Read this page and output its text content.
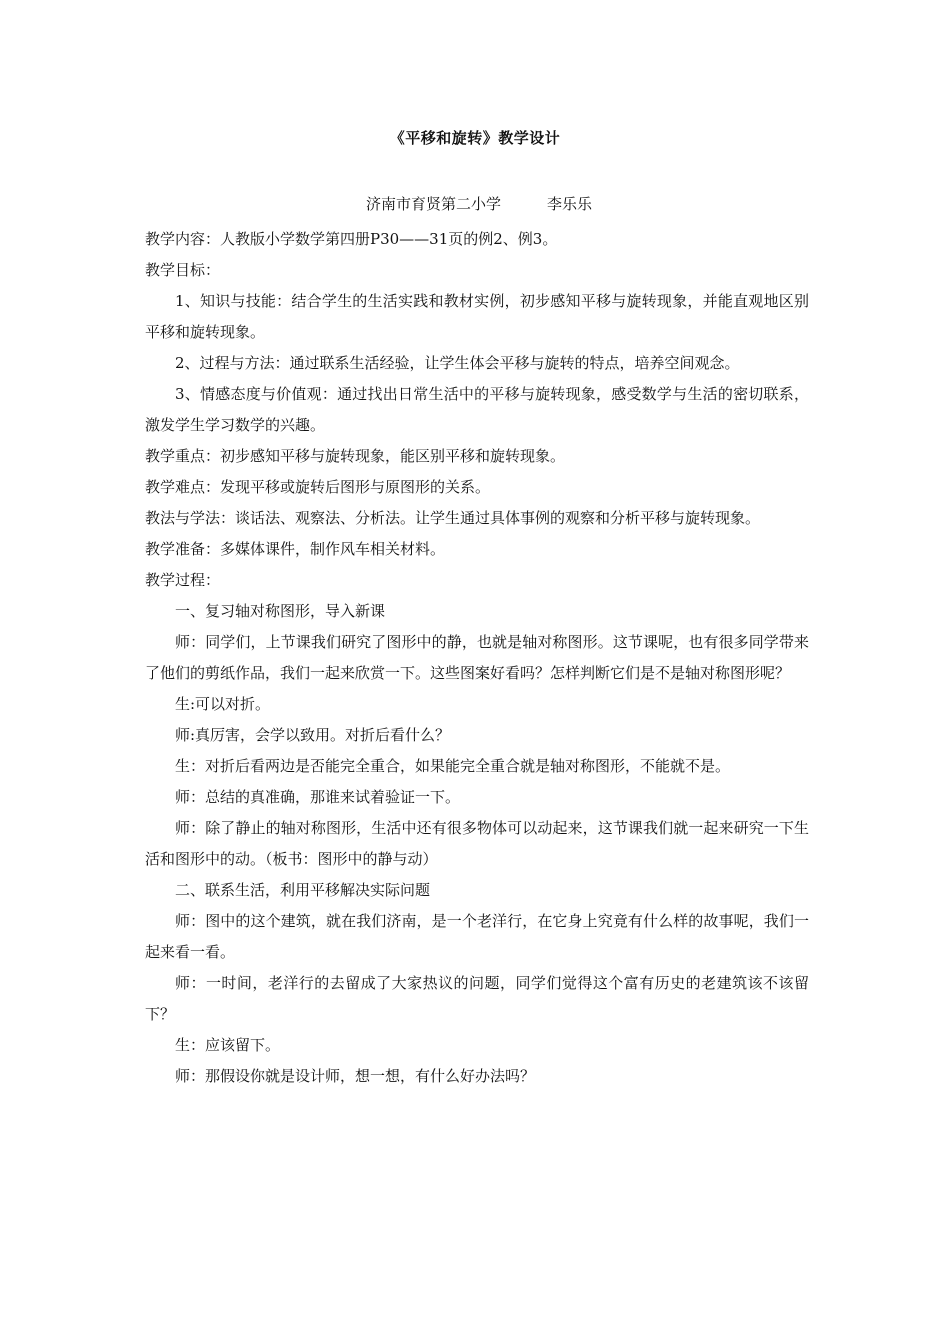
《平移和旋转》教学设计
济南市育贤第二小学	李乐乐

教学内容：人教版小学数学第四册P30——31页的例2、例3。

教学目标：

1、知识与技能：结合学生的生活实践和教材实例，初步感知平移与旋转现象，并能直观地区别平移和旋转现象。

2、过程与方法：通过联系生活经验，让学生体会平移与旋转的特点，培养空间观念。

3、情感态度与价值观：通过找出日常生活中的平移与旋转现象，感受数学与生活的密切联系，激发学生学习数学的兴趣。

教学重点：初步感知平移与旋转现象，能区别平移和旋转现象。

教学难点：发现平移或旋转后图形与原图形的关系。

教法与学法：谈话法、观察法、分析法。让学生通过具体事例的观察和分析平移与旋转现象。

教学准备：多媒体课件，制作风车相关材料。

教学过程：

一、复习轴对称图形，导入新课

师：同学们，上节课我们研究了图形中的静，也就是轴对称图形。这节课呢，也有很多同学带来了他们的剪纸作品，我们一起来欣赏一下。这些图案好看吗？怎样判断它们是不是轴对称图形呢？

生:可以对折。

师:真厉害，会学以致用。对折后看什么？

生：对折后看两边是否能完全重合，如果能完全重合就是轴对称图形，不能就不是。

师：总结的真准确，那谁来试着验证一下。

师：除了静止的轴对称图形，生活中还有很多物体可以动起来，这节课我们就一起来研究一下生活和图形中的动。（板书：图形中的静与动）

二、联系生活，利用平移解决实际问题

师：图中的这个建筑，就在我们济南，是一个老洋行，在它身上究竟有什么样的故事呢，我们一起来看一看。

师：一时间，老洋行的去留成了大家热议的问题，同学们觉得这个富有历史的老建筑该不该留下？

生：应该留下。

师：那假设你就是设计师，想一想，有什么好办法吗？
